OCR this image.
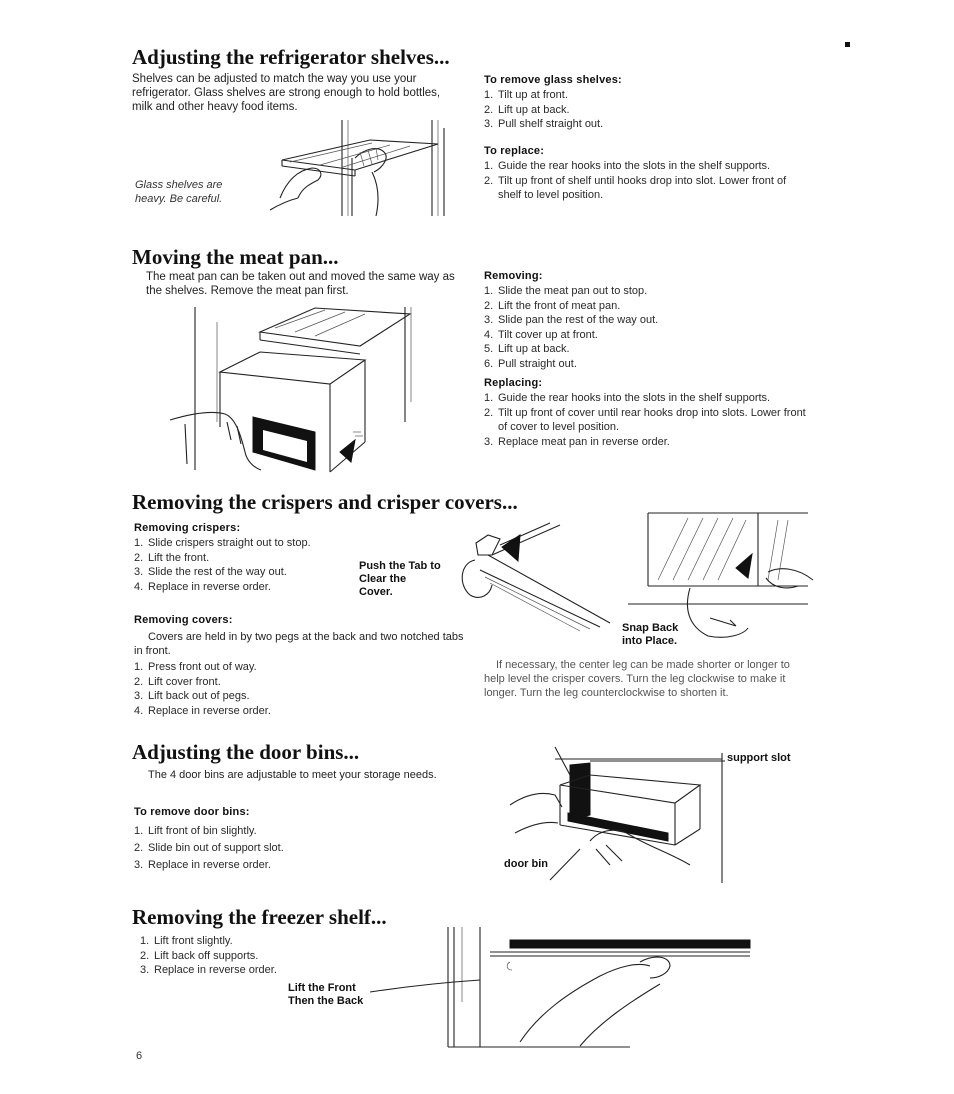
Adjusting the refrigerator shelves...
Shelves can be adjusted to match the way you use your refrigerator. Glass shelves are strong enough to hold bottles, milk and other heavy food items.
Glass shelves are heavy. Be careful.
To remove glass shelves:
1. Tilt up at front.
2. Lift up at back.
3. Pull shelf straight out.
To replace:
1. Guide the rear hooks into the slots in the shelf supports.
2. Tilt up front of shelf until hooks drop into slot. Lower front of shelf to level position.
Moving the meat pan...
The meat pan can be taken out and moved the same way as the shelves. Remove the meat pan first.
Removing:
1. Slide the meat pan out to stop.
2. Lift the front of meat pan.
3. Slide pan the rest of the way out.
4. Tilt cover up at front.
5. Lift up at back.
6. Pull straight out.
Replacing:
1. Guide the rear hooks into the slots in the shelf supports.
2. Tilt up front of cover until rear hooks drop into slots. Lower front of cover to level position.
3. Replace meat pan in reverse order.
Removing the crispers and crisper covers...
Removing crispers:
1. Slide crispers straight out to stop.
2. Lift the front.
3. Slide the rest of the way out.
4. Replace in reverse order.
Push the Tab to Clear the Cover.
Snap Back into Place.
Removing covers:
Covers are held in by two pegs at the back and two notched tabs in front.
1. Press front out of way.
2. Lift cover front.
3. Lift back out of pegs.
4. Replace in reverse order.
If necessary, the center leg can be made shorter or longer to help level the crisper covers. Turn the leg clockwise to make it longer. Turn the leg counterclockwise to shorten it.
Adjusting the door bins...
The 4 door bins are adjustable to meet your storage needs.
To remove door bins:
1. Lift front of bin slightly.
2. Slide bin out of support slot.
3. Replace in reverse order.
support slot
door bin
Removing the freezer shelf...
1. Lift front slightly.
2. Lift back off supports.
3. Replace in reverse order.
Lift the Front Then the Back
6
